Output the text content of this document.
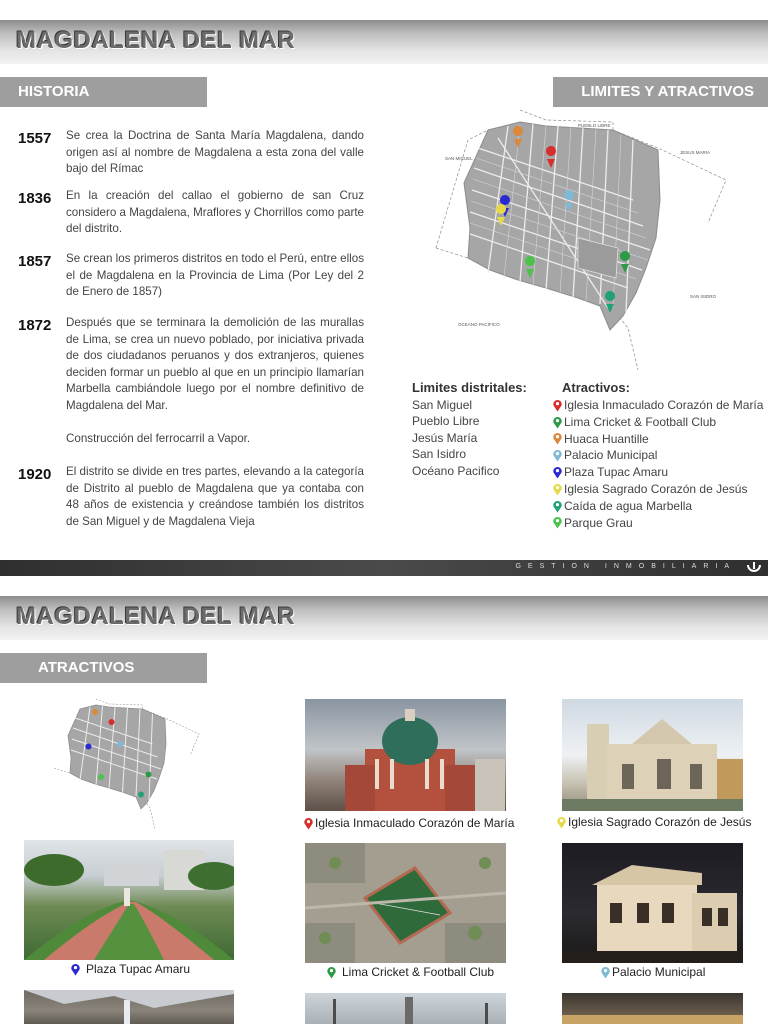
MAGDALENA DEL MAR
HISTORIA	LIMITES Y ATRACTIVOS
1557 Se crea la Doctrina de Santa María Magdalena, dando origen así al nombre de Magdalena a esta zona del valle bajo del Rímac
1836 En la creación del callao el gobierno de san Cruz considero a Magdalena, Mraflores y Chorrillos como parte del distrito.
1857 Se crean los primeros distritos en todo el Perú, entre ellos el de Magdalena en la Provincia de Lima (Por Ley del 2 de Enero de 1857)
1872 Después que se terminara la demolición de las murallas de Lima, se crea un nuevo poblado, por iniciativa privada de dos ciudadanos peruanos y dos extranjeros, quienes deciden formar un pueblo al que en un principio llamarían Marbella cambiándole luego por el nombre definitivo de Magdalena del Mar.
Construcción del ferrocarril a Vapor.
1920 El distrito se divide en tres partes, elevando a la categoría de Distrito al pueblo de Magdalena que ya contaba con 48 años de existencia y creándose también los distritos de San Miguel y de Magdalena Vieja
PUEBLO LIBRE
SAN MIGUEL
JESUS MARIA
SAN ISIDRO
OCEANO PACIFICO
Limites distritales:
San Miguel
Pueblo Libre
Jesús María
San Isidro
Océano Pacifico
Atractivos:
Iglesia Inmaculado Corazón de María
Lima Cricket & Football Club
Huaca Huantille
Palacio Municipal
Plaza Tupac Amaru
Iglesia Sagrado Corazón de Jesús
Caída de agua Marbella
Parque Grau
GESTION INMOBILIARIA
MAGDALENA DEL MAR
ATRACTIVOS
Iglesia Inmaculado Corazón de María	Iglesia Sagrado Corazón de Jesús
Plaza Tupac Amaru	Lima Cricket & Football Club	Palacio Municipal
